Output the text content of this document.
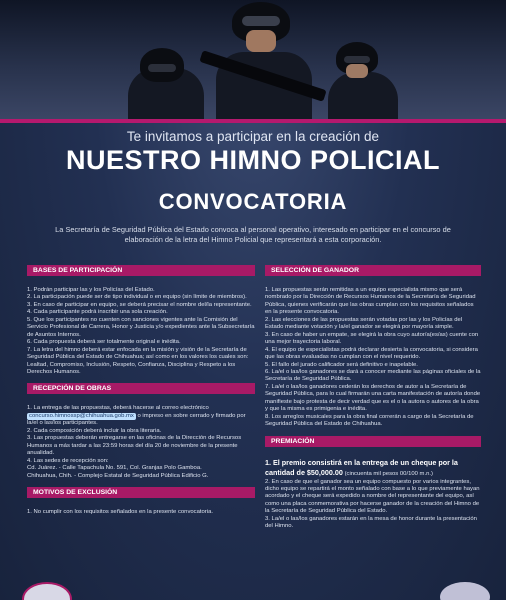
Te invitamos a participar en la creación de
NUESTRO HIMNO POLICIAL
CONVOCATORIA
La Secretaría de Seguridad Pública del Estado convoca al personal operativo, interesado en participar en el concurso de elaboración de la letra del Himno Policial que representará a esta corporación.
BASES DE PARTICIPACIÓN

1. Podrán participar las y los Policías del Estado.

2. La participación puede ser de tipo individual o en equipo (sin límite de miembros).

3. En caso de participar en equipo, se deberá precisar el nombre del/la representante.

4. Cada participante podrá inscribir una sola creación.

5. Que los participantes no cuenten con sanciones vigentes ante la Comisión del Servicio Profesional de Carrera, Honor y Justicia y/o expedientes ante la Subsecretaría de Asuntos Internos.

6. Cada propuesta deberá ser totalmente original e inédita.

7. La letra del himno deberá estar enfocada en la misión y visión de la Secretaría de Seguridad Pública del Estado de Chihuahua; así como en los valores los cuales son: Lealtad, Compromiso, Inclusión, Respeto, Confianza, Disciplina y Respeto a los Derechos Humanos.

RECEPCIÓN DE OBRAS

1. La entrega de las propuestas, deberá hacerse al correo electrónico concurso.himnossp@chihuahua.gob.mx o impreso en sobre cerrado y firmado por la/el o las/los participantes.

2. Cada composición deberá incluir la obra literaria.

3. Las propuestas deberán entregarse en las oficinas de la Dirección de Recursos Humanos a más tardar a las 23:59 horas del día 20 de noviembre de la presente anualidad.

4. Las sedes de recepción son:

Cd. Juárez. - Calle Tapachula No. 591, Col. Granjas Polo Gamboa.

Chihuahua, Chih. - Complejo Estatal de Seguridad Pública Edificio G.

MOTIVOS DE EXCLUSIÓN

1. No cumplir con los requisitos señalados en la presente convocatoria.

SELECCIÓN DE GANADOR

1. Las propuestas serán remitidas a un equipo especialista mismo que será nombrado por la Dirección de Recursos Humanos de la Secretaría de Seguridad Pública, quienes verificarán que las obras cumplan con los requisitos señalados en la presente convocatoria.

2. Las elecciones de las propuestas serán votadas por las y los Policías del Estado mediante votación y la/el ganador se elegirá por mayoría simple.

3. En caso de haber un empate, se elegirá la obra cuyo autor/a(es/as) cuente con una mejor trayectoria laboral.

4. El equipo de especialistas podrá declarar desierta la convocatoria, si considera que las obras evaluadas no cumplan con el nivel requerido.

5. El fallo del jurado calificador será definitivo e inapelable.

6. La/el o las/los ganadores se dará a conocer mediante las páginas oficiales de la Secretaría de Seguridad Pública.

7. La/el o las/los ganadores cederán los derechos de autor a la Secretaría de Seguridad Pública, para lo cual firmarán una carta manifestación de autoría donde manifieste bajo protesta de decir verdad que es el o la autora o autores de la obra y que la misma es primigenia e inédita.

8. Los arreglos musicales para la obra final correrán a cargo de la Secretaría de Seguridad Pública del Estado de Chihuahua.

PREMIACIÓN

1. El premio consistirá en la entrega de un cheque por la cantidad de $50,000.00 (cincuenta mil pesos 00/100 m.n.)

2. En caso de que el ganador sea un equipo compuesto por varios integrantes, dicho equipo se repartirá el monto señalado con base a lo que previamente hayan acordado y el cheque será expedido a nombre del representante del equipo, así como una placa conmemorativa por hacerse ganador de la creación del Himno de la Secretaría de Seguridad Pública del Estado.

3. La/el o las/los ganadores estarán en la mesa de honor durante la presentación del Himno.
